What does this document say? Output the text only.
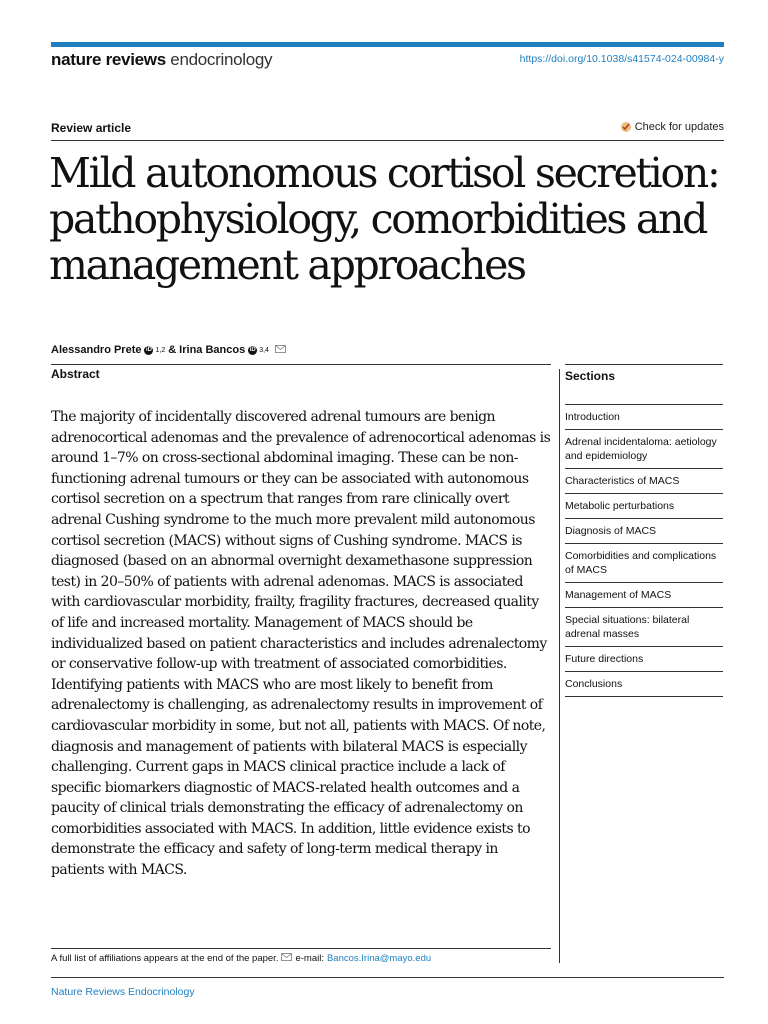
nature reviews endocrinology	https://doi.org/10.1038/s41574-024-00984-y
Review article	Check for updates
Mild autonomous cortisol secretion: pathophysiology, comorbidities and management approaches
Alessandro Prete iD 1,2 & Irina Bancos iD 3,4
Abstract

The majority of incidentally discovered adrenal tumours are benign adrenocortical adenomas and the prevalence of adrenocortical adenomas is around 1–7% on cross-sectional abdominal imaging. These can be non-functioning adrenal tumours or they can be associated with autonomous cortisol secretion on a spectrum that ranges from rare clinically overt adrenal Cushing syndrome to the much more prevalent mild autonomous cortisol secretion (MACS) without signs of Cushing syndrome. MACS is diagnosed (based on an abnormal overnight dexamethasone suppression test) in 20–50% of patients with adrenal adenomas. MACS is associated with cardiovascular morbidity, frailty, fragility fractures, decreased quality of life and increased mortality. Management of MACS should be individualized based on patient characteristics and includes adrenalectomy or conservative follow-up with treatment of associated comorbidities. Identifying patients with MACS who are most likely to benefit from adrenalectomy is challenging, as adrenalectomy results in improvement of cardiovascular morbidity in some, but not all, patients with MACS. Of note, diagnosis and management of patients with bilateral MACS is especially challenging. Current gaps in MACS clinical practice include a lack of specific biomarkers diagnostic of MACS-related health outcomes and a paucity of clinical trials demonstrating the efficacy of adrenalectomy on comorbidities associated with MACS. In addition, little evidence exists to demonstrate the efficacy and safety of long-term medical therapy in patients with MACS.

Sections
Introduction
Adrenal incidentaloma: aetiology and epidemiology
Characteristics of MACS
Metabolic perturbations
Diagnosis of MACS
Comorbidities and complications of MACS
Management of MACS
Special situations: bilateral adrenal masses
Future directions
Conclusions
A full list of affiliations appears at the end of the paper. e-mail: Bancos.Irina@mayo.edu
Nature Reviews Endocrinology
